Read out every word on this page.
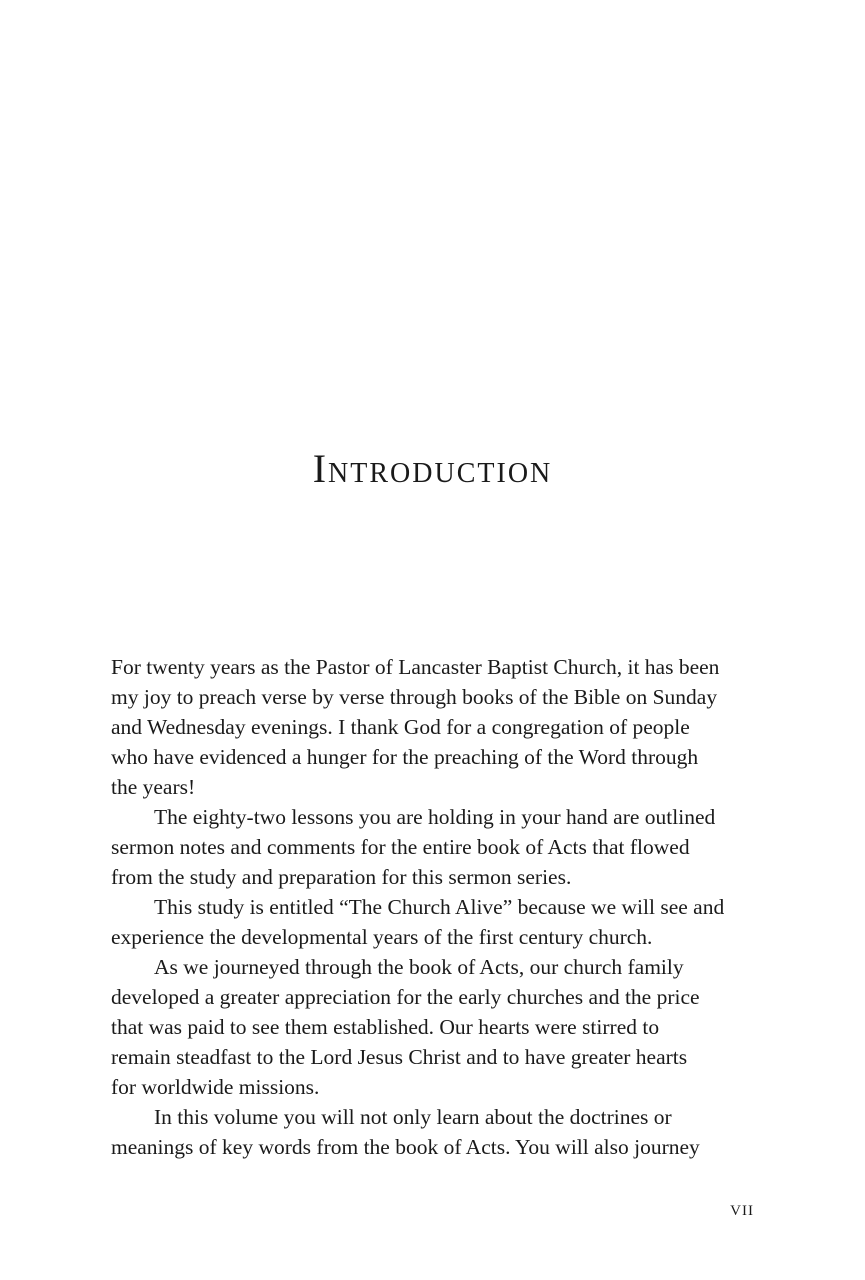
Introduction

For twenty years as the Pastor of Lancaster Baptist Church, it has been
my joy to preach verse by verse through books of the Bible on Sunday
and Wednesday evenings. I thank God for a congregation of people
who have evidenced a hunger for the preaching of the Word through
the years!

The eighty-two lessons you are holding in your hand are outlined
sermon notes and comments for the entire book of Acts that flowed
from the study and preparation for this sermon series.

This study is entitled “The Church Alive” because we will see and
experience the developmental years of the first century church.

As we journeyed through the book of Acts, our church family
developed a greater appreciation for the early churches and the price
that was paid to see them established. Our hearts were stirred to
remain steadfast to the Lord Jesus Christ and to have greater hearts
for worldwide missions.

In this volume you will not only learn about the doctrines or
meanings of key words from the book of Acts. You will also journey

VII
